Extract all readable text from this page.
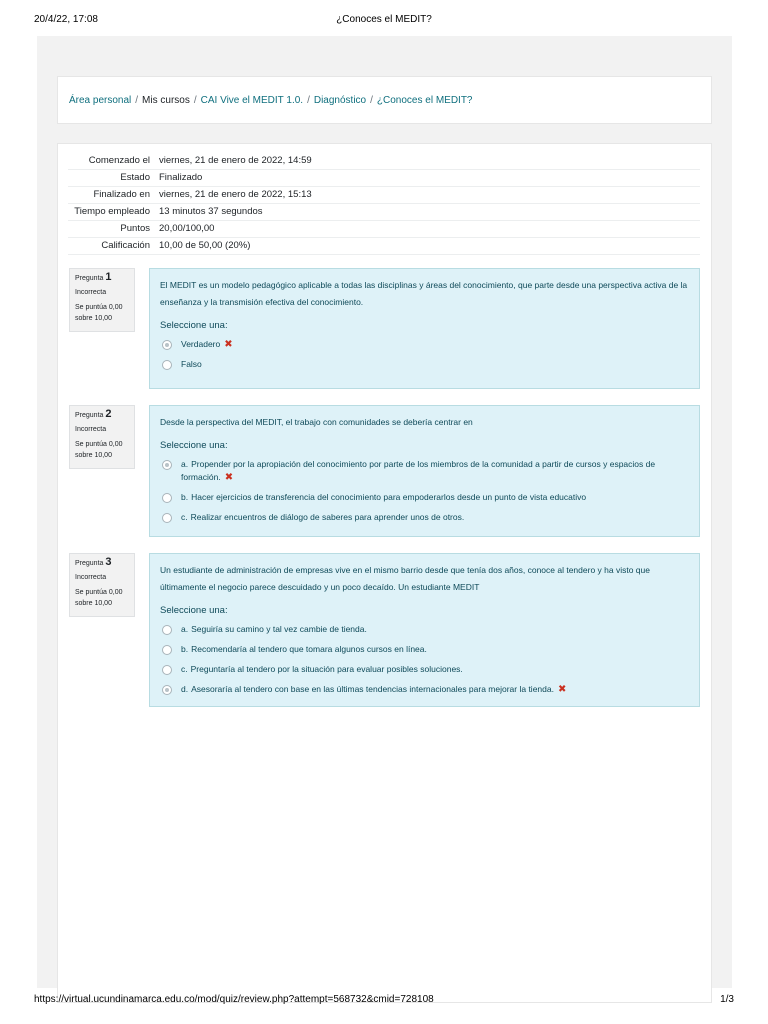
20/4/22, 17:08	¿Conoces el MEDIT?
Área personal / Mis cursos / CAI Vive el MEDIT 1.0. / Diagnóstico / ¿Conoces el MEDIT?
Comenzado el viernes, 21 de enero de 2022, 14:59
Estado Finalizado
Finalizado en viernes, 21 de enero de 2022, 15:13
Tiempo empleado 13 minutos 37 segundos
Puntos 20,00/100,00
Calificación 10,00 de 50,00 (20%)
Pregunta 1
Incorrecta
Se puntúa 0,00 sobre 10,00
El MEDIT es un modelo pedagógico aplicable a todas las disciplinas y áreas del conocimiento, que parte desde una perspectiva activa de la enseñanza y la transmisión efectiva del conocimiento.
Seleccione una:
Verdadero ✖
Falso
Pregunta 2
Incorrecta
Se puntúa 0,00 sobre 10,00
Desde la perspectiva del MEDIT, el trabajo con comunidades se debería centrar en
Seleccione una:
a. Propender por la apropiación del conocimiento por parte de los miembros de la comunidad a partir de cursos y espacios de formación. ✖
b. Hacer ejercicios de transferencia del conocimiento para empoderarlos desde un punto de vista educativo
c. Realizar encuentros de diálogo de saberes para aprender unos de otros.
Pregunta 3
Incorrecta
Se puntúa 0,00 sobre 10,00
Un estudiante de administración de empresas vive en el mismo barrio desde que tenía dos años, conoce al tendero y ha visto que últimamente el negocio parece descuidado y un poco decaído. Un estudiante MEDIT
Seleccione una:
a. Seguiría su camino y tal vez cambie de tienda.
b. Recomendaría al tendero que tomara algunos cursos en línea.
c. Preguntaría al tendero por la situación para evaluar posibles soluciones.
d. Asesoraría al tendero con base en las últimas tendencias internacionales para mejorar la tienda. ✖
https://virtual.ucundinamarca.edu.co/mod/quiz/review.php?attempt=568732&cmid=728108	1/3
